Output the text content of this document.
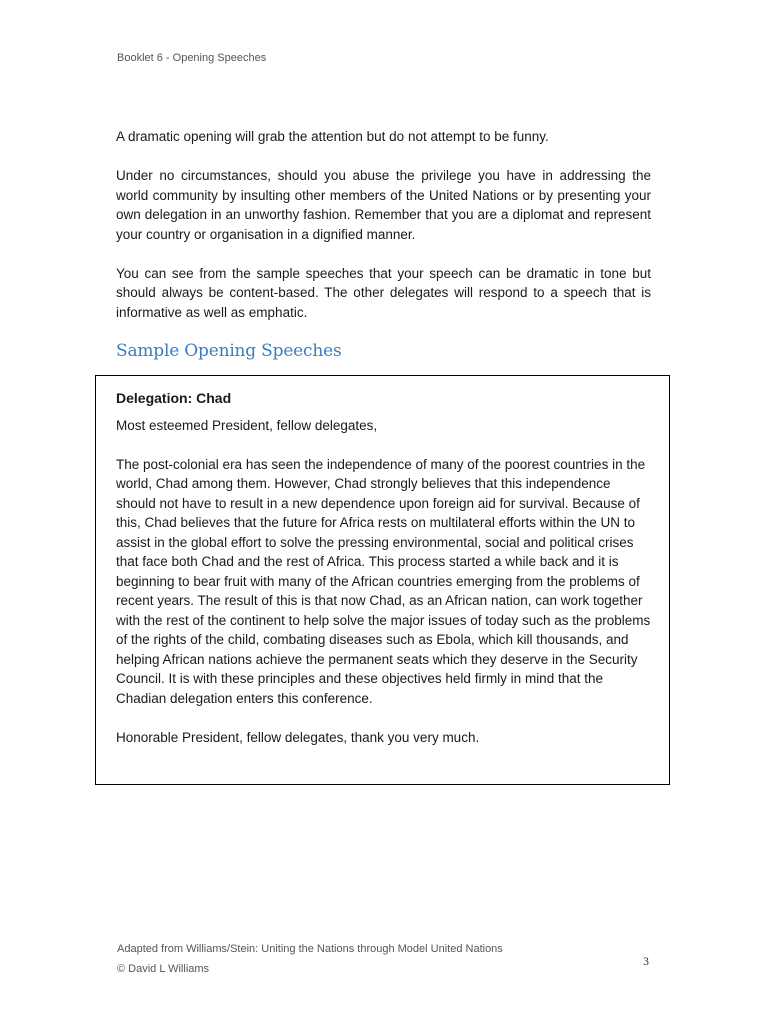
Booklet 6 - Opening Speeches

A dramatic opening will grab the attention but do not attempt to be funny.

Under no circumstances, should you abuse the privilege you have in addressing the world community by insulting other members of the United Nations or by presenting your own delegation in an unworthy fashion. Remember that you are a diplomat and represent your country or organisation in a dignified manner.

You can see from the sample speeches that your speech can be dramatic in tone but should always be content-based. The other delegates will respond to a speech that is informative as well as emphatic.

Sample Opening Speeches
Delegation: Chad

Most esteemed President, fellow delegates,

The post-colonial era has seen the independence of many of the poorest countries in the world, Chad among them. However, Chad strongly believes that this independence should not have to result in a new dependence upon foreign aid for survival. Because of this, Chad believes that the future for Africa rests on multilateral efforts within the UN to assist in the global effort to solve the pressing environmental, social and political crises that face both Chad and the rest of Africa. This process started a while back and it is beginning to bear fruit with many of the African countries emerging from the problems of recent years. The result of this is that now Chad, as an African nation, can work together with the rest of the continent to help solve the major issues of today such as the problems of the rights of the child, combating diseases such as Ebola, which kill thousands, and helping African nations achieve the permanent seats which they deserve in the Security Council. It is with these principles and these objectives held firmly in mind that the Chadian delegation enters this conference.

Honorable President, fellow delegates, thank you very much.

Adapted from Williams/Stein: Uniting the Nations through Model United Nations
© David L Williams
3
